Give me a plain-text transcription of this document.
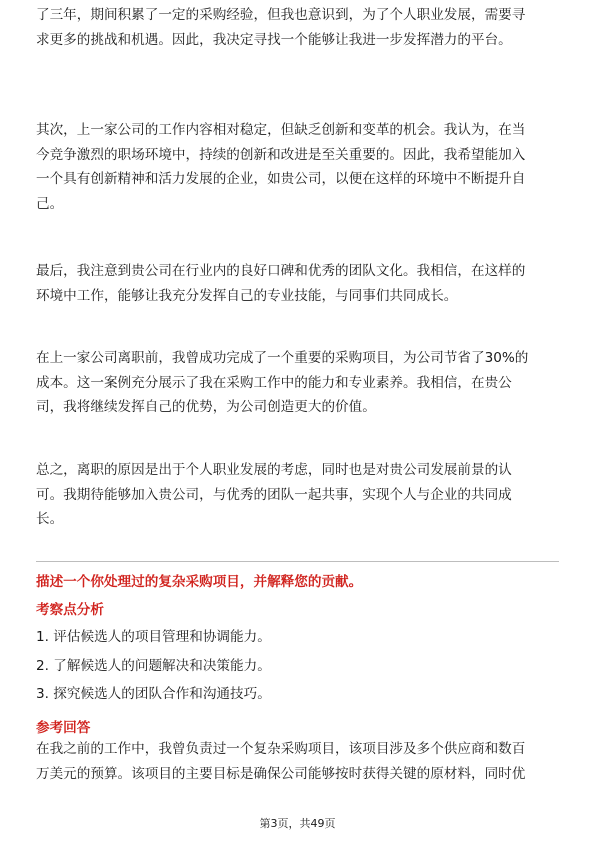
了三年，期间积累了一定的采购经验，但我也意识到，为了个人职业发展，需要寻
求更多的挑战和机遇。因此，我决定寻找一个能够让我进一步发挥潜力的平台。

其次，上一家公司的工作内容相对稳定，但缺乏创新和变革的机会。我认为，在当
今竞争激烈的职场环境中，持续的创新和改进是至关重要的。因此，我希望能加入
一个具有创新精神和活力发展的企业，如贵公司，以便在这样的环境中不断提升自
己。

最后，我注意到贵公司在行业内的良好口碑和优秀的团队文化。我相信，在这样的
环境中工作，能够让我充分发挥自己的专业技能，与同事们共同成长。

在上一家公司离职前，我曾成功完成了一个重要的采购项目，为公司节省了30%的
成本。这一案例充分展示了我在采购工作中的能力和专业素养。我相信，在贵公
司，我将继续发挥自己的优势，为公司创造更大的价值。

总之，离职的原因是出于个人职业发展的考虑，同时也是对贵公司发展前景的认
可。我期待能够加入贵公司，与优秀的团队一起共事，实现个人与企业的共同成
长。

描述一个你处理过的复杂采购项目，并解释您的贡献。
考察点分析
1. 评估候选人的项目管理和协调能力。
2. 了解候选人的问题解决和决策能力。
3. 探究候选人的团队合作和沟通技巧。
参考回答

在我之前的工作中，我曾负责过一个复杂采购项目，该项目涉及多个供应商和数百
万美元的预算。该项目的主要目标是确保公司能够按时获得关键的原材料，同时优

第3页，共49页
